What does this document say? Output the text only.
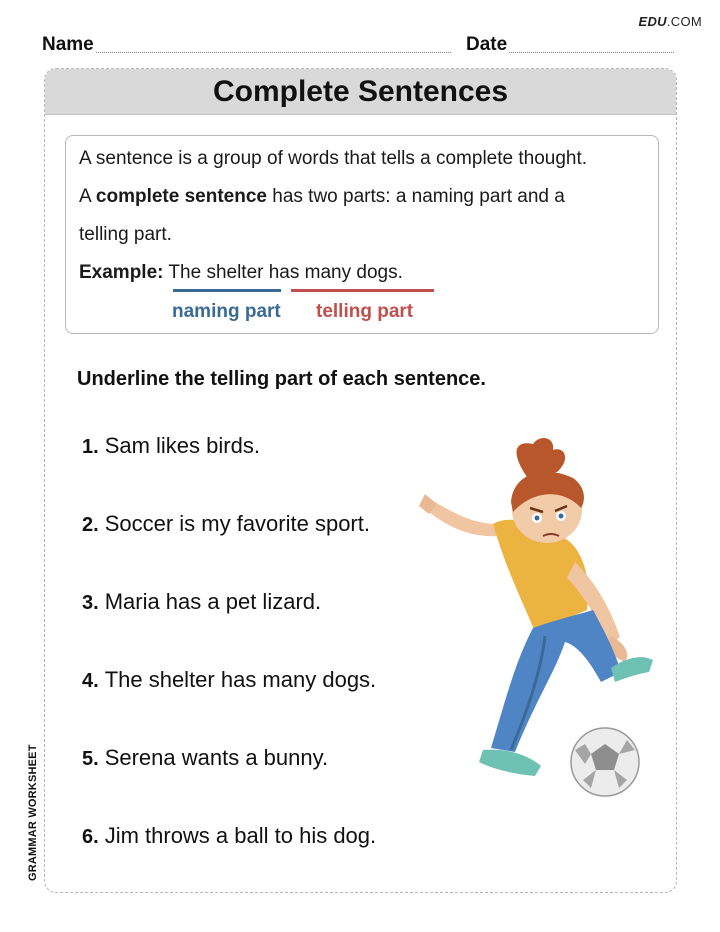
EDU.COM
Name	Date
Complete Sentences
A sentence is a group of words that tells a complete thought.
A complete sentence has two parts: a naming part and a
telling part.
Example: The shelter has many dogs.
naming part telling part
Underline the telling part of each sentence.
1. Sam likes birds.
2. Soccer is my favorite sport.
3. Maria has a pet lizard.
4. The shelter has many dogs.
5. Serena wants a bunny.
6. Jim throws a ball to his dog.
GRAMMAR WORKSHEET
